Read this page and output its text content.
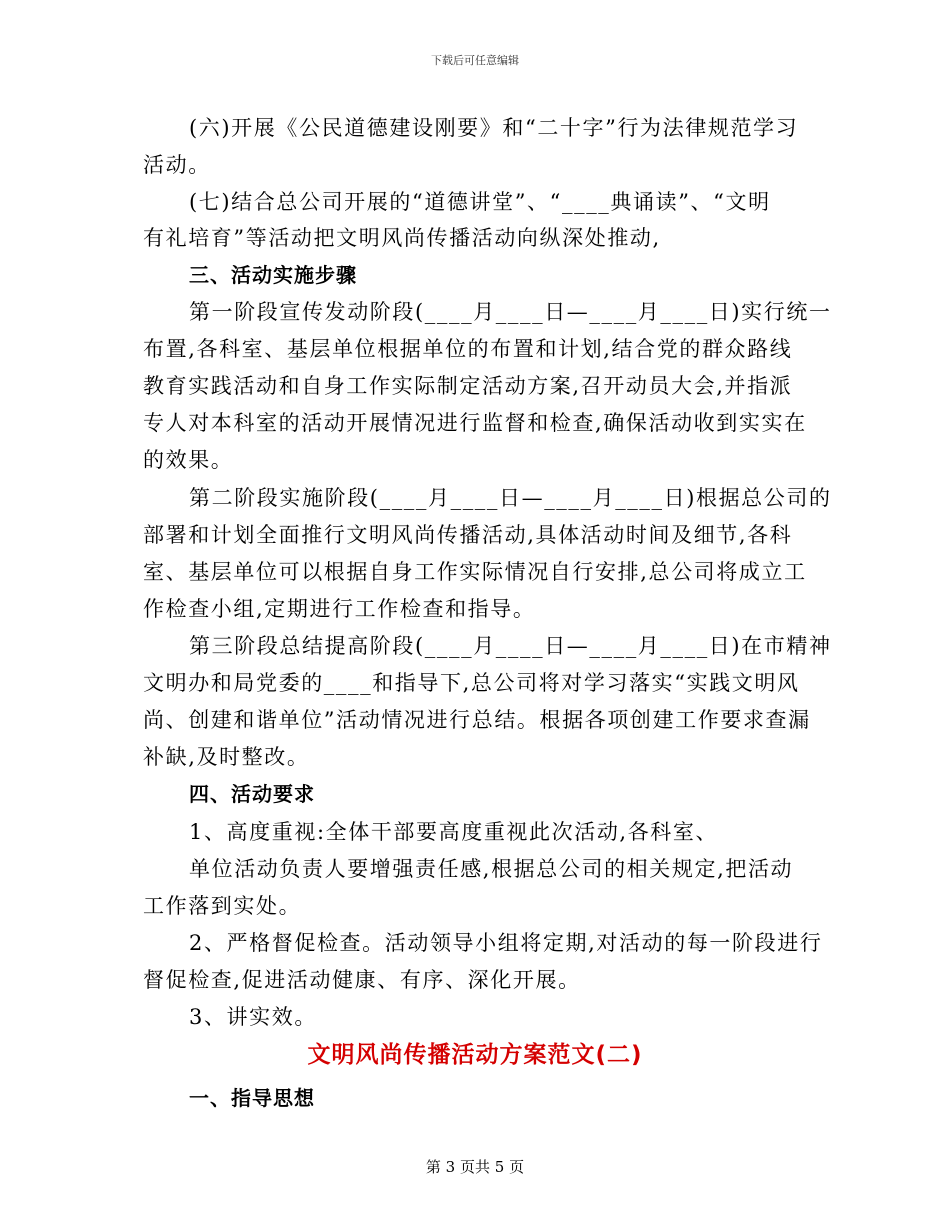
下载后可任意编辑
(六)开展《公民道德建设刚要》和“二十字”行为法律规范学习
活动。
(七)结合总公司开展的“道德讲堂”、“____典诵读”、“文明
有礼培育”等活动把文明风尚传播活动向纵深处推动,
三、活动实施步骤
第一阶段宣传发动阶段(____月____日—____月____日)实行统一
布置,各科室、基层单位根据单位的布置和计划,结合党的群众路线
教育实践活动和自身工作实际制定活动方案,召开动员大会,并指派
专人对本科室的活动开展情况进行监督和检查,确保活动收到实实在
的效果。
第二阶段实施阶段(____月____日—____月____日)根据总公司的
部署和计划全面推行文明风尚传播活动,具体活动时间及细节,各科
室、基层单位可以根据自身工作实际情况自行安排,总公司将成立工
作检查小组,定期进行工作检查和指导。
第三阶段总结提高阶段(____月____日—____月____日)在市精神
文明办和局党委的____和指导下,总公司将对学习落实“实践文明风
尚、创建和谐单位”活动情况进行总结。根据各项创建工作要求查漏
补缺,及时整改。
四、活动要求
1、高度重视:全体干部要高度重视此次活动,各科室、
单位活动负责人要增强责任感,根据总公司的相关规定,把活动
工作落到实处。
2、严格督促检查。活动领导小组将定期,对活动的每一阶段进行
督促检查,促进活动健康、有序、深化开展。
3、讲实效。
文明风尚传播活动方案范文(二)
一、指导思想
第 3 页共 5 页
